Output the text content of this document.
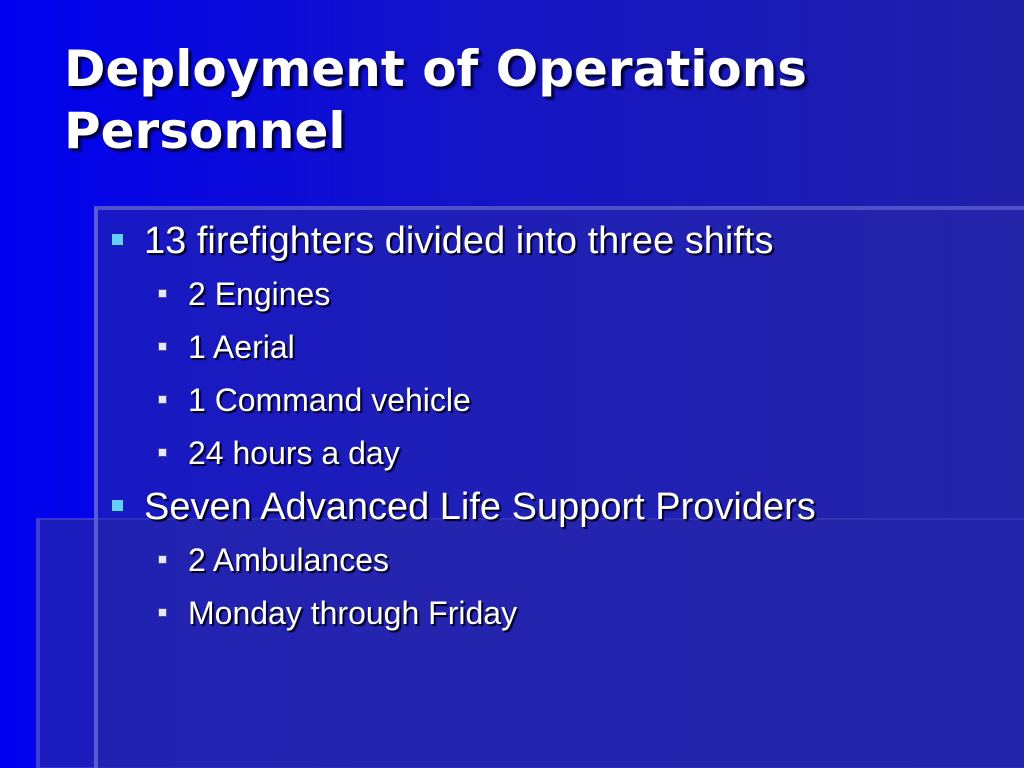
Deployment of Operations Personnel
13 firefighters divided into three shifts
2 Engines
1 Aerial
1 Command vehicle
24 hours a day
Seven Advanced Life Support Providers
2 Ambulances
Monday through Friday
